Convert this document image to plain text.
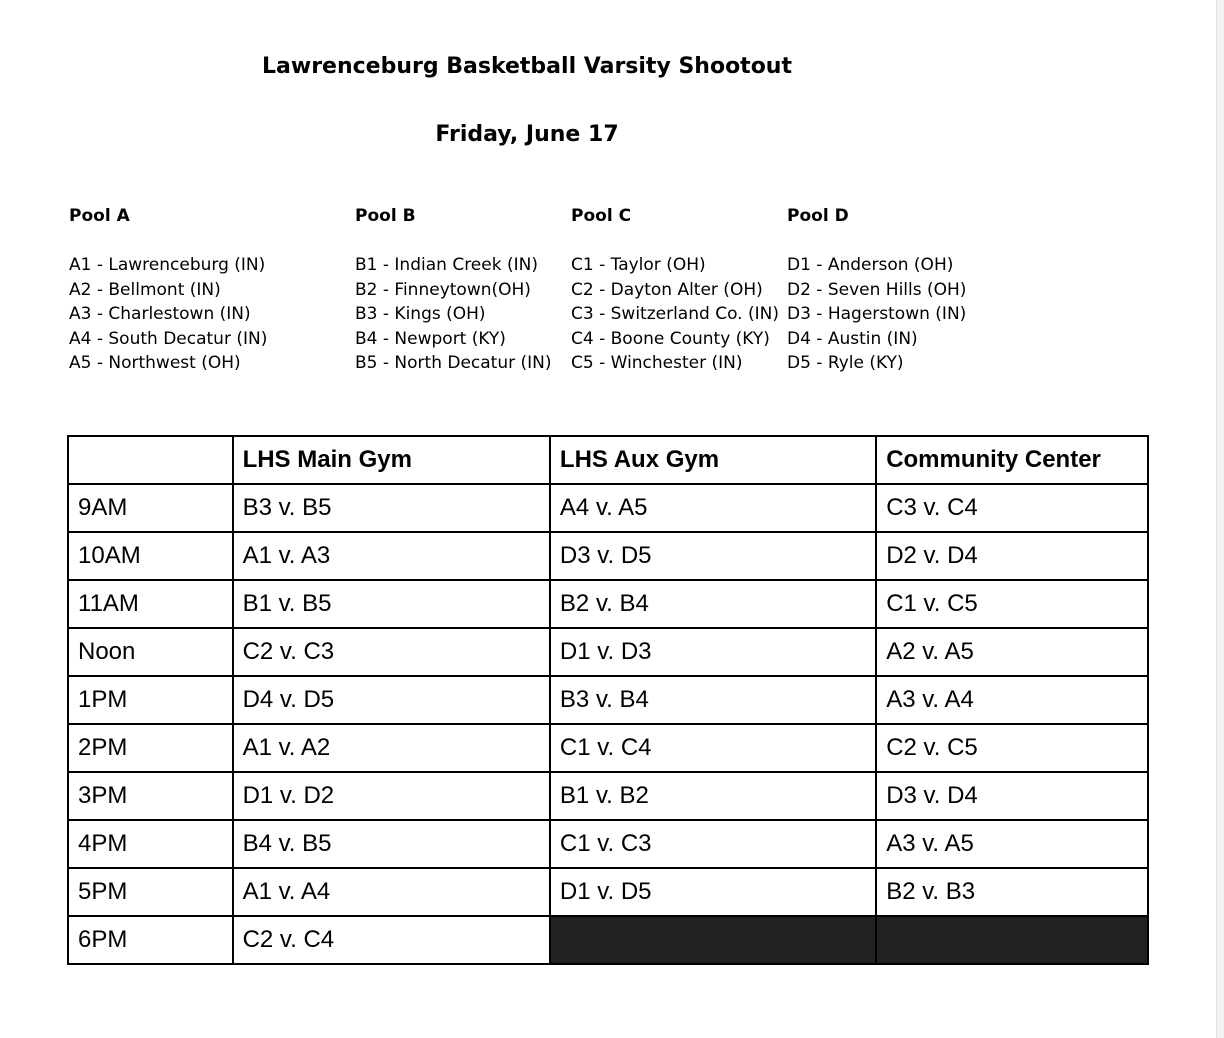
Lawrenceburg Basketball Varsity Shootout
Friday, June 17
Pool A
A1 - Lawrenceburg (IN)
A2 - Bellmont (IN)
A3 - Charlestown (IN)
A4 - South Decatur (IN)
A5 - Northwest (OH)
Pool B
B1 - Indian Creek (IN)
B2 - Finneytown(OH)
B3 - Kings (OH)
B4 - Newport (KY)
B5 - North Decatur (IN)
Pool C
C1 - Taylor (OH)
C2 - Dayton Alter (OH)
C3 - Switzerland Co. (IN)
C4 - Boone County (KY)
C5 - Winchester (IN)
Pool D
D1 - Anderson (OH)
D2 - Seven Hills (OH)
D3 - Hagerstown (IN)
D4 - Austin (IN)
D5 - Ryle (KY)
	LHS Main Gym	LHS Aux Gym	Community Center
9AM	B3 v. B5	A4 v. A5	C3 v. C4
10AM	A1 v. A3	D3 v. D5	D2 v. D4
11AM	B1 v. B5	B2 v. B4	C1 v. C5
Noon	C2 v. C3	D1 v. D3	A2 v. A5
1PM	D4 v. D5	B3 v. B4	A3 v. A4
2PM	A1 v. A2	C1 v. C4	C2 v. C5
3PM	D1 v. D2	B1 v. B2	D3 v. D4
4PM	B4 v. B5	C1 v. C3	A3 v. A5
5PM	A1 v. A4	D1 v. D5	B2 v. B3
6PM	C2 v. C4		
